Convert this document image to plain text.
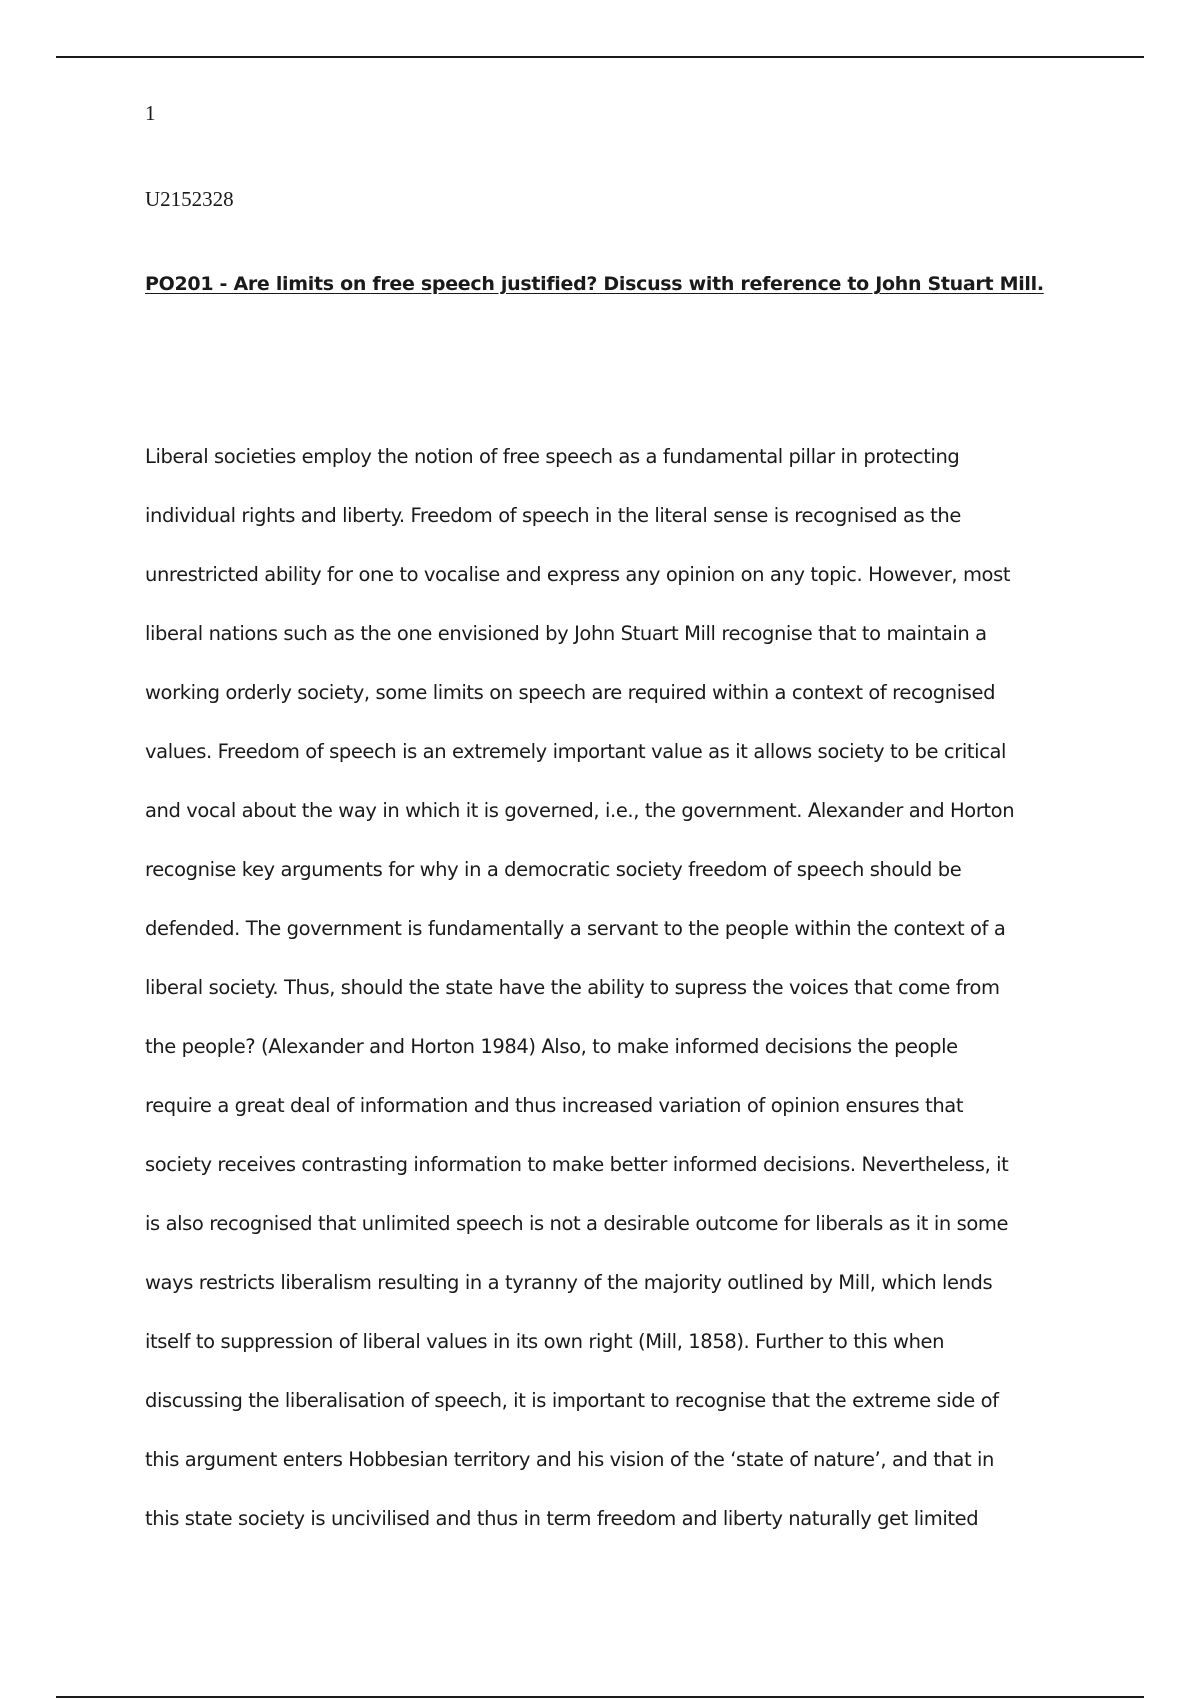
1
U2152328
PO201 - Are limits on free speech justified? Discuss with reference to John Stuart Mill.
Liberal societies employ the notion of free speech as a fundamental pillar in protecting
individual rights and liberty. Freedom of speech in the literal sense is recognised as the
unrestricted ability for one to vocalise and express any opinion on any topic. However, most
liberal nations such as the one envisioned by John Stuart Mill recognise that to maintain a
working orderly society, some limits on speech are required within a context of recognised
values. Freedom of speech is an extremely important value as it allows society to be critical
and vocal about the way in which it is governed, i.e., the government. Alexander and Horton
recognise key arguments for why in a democratic society freedom of speech should be
defended. The government is fundamentally a servant to the people within the context of a
liberal society. Thus, should the state have the ability to supress the voices that come from
the people? (Alexander and Horton 1984) Also, to make informed decisions the people
require a great deal of information and thus increased variation of opinion ensures that
society receives contrasting information to make better informed decisions. Nevertheless, it
is also recognised that unlimited speech is not a desirable outcome for liberals as it in some
ways restricts liberalism resulting in a tyranny of the majority outlined by Mill, which lends
itself to suppression of liberal values in its own right (Mill, 1858). Further to this when
discussing the liberalisation of speech, it is important to recognise that the extreme side of
this argument enters Hobbesian territory and his vision of the ‘state of nature’, and that in
this state society is uncivilised and thus in term freedom and liberty naturally get limited
